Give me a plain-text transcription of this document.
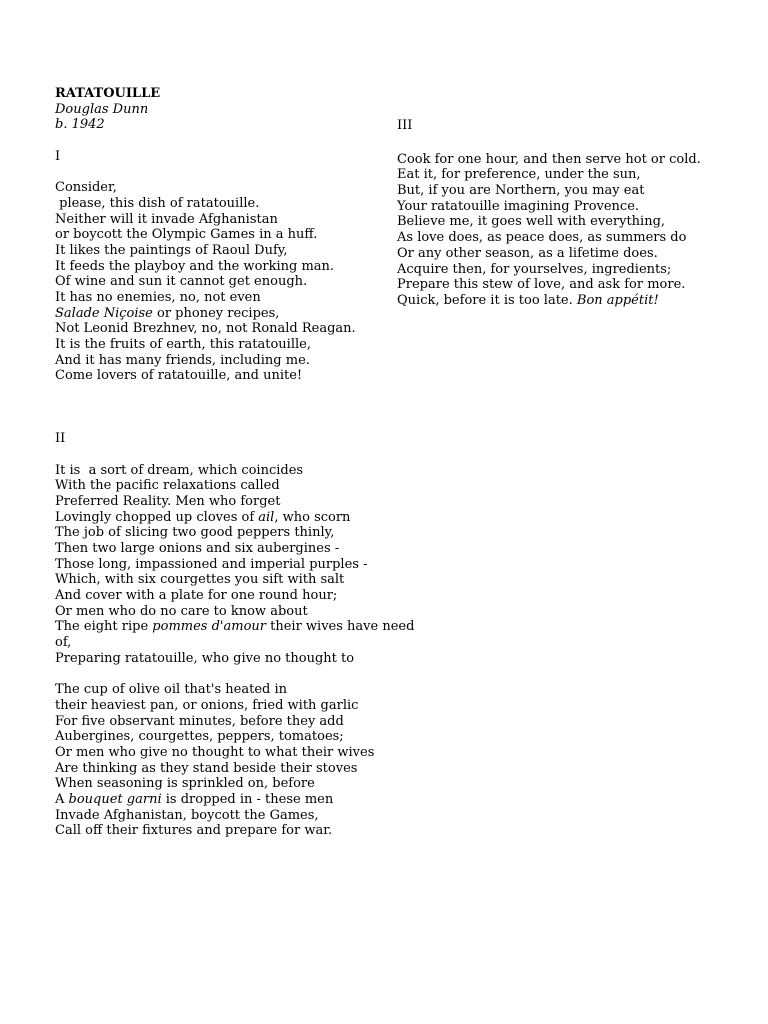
RATATOUILLE
Douglas Dunn
b. 1942
I
Consider,
please, this dish of ratatouille.
Neither will it invade Afghanistan
or boycott the Olympic Games in a huff.
It likes the paintings of Raoul Dufy,
It feeds the playboy and the working man.
Of wine and sun it cannot get enough.
It has no enemies, no, not even
Salade Niçoise or phoney recipes,
Not Leonid Brezhnev, no, not Ronald Reagan.
It is the fruits of earth, this ratatouille,
And it has many friends, including me.
Come lovers of ratatouille, and unite!
II
It is  a sort of dream, which coincides
With the pacific relaxations called
Preferred Reality. Men who forget
Lovingly chopped up cloves of ail, who scorn
The job of slicing two good peppers thinly,
Then two large onions and six aubergines -
Those long, impassioned and imperial purples -
Which, with six courgettes you sift with salt
And cover with a plate for one round hour;
Or men who do no care to know about
The eight ripe pommes d'amour their wives have need
of,
Preparing ratatouille, who give no thought to
The cup of olive oil that's heated in
their heaviest pan, or onions, fried with garlic
For five observant minutes, before they add
Aubergines, courgettes, peppers, tomatoes;
Or men who give no thought to what their wives
Are thinking as they stand beside their stoves
When seasoning is sprinkled on, before
A bouquet garni is dropped in - these men
Invade Afghanistan, boycott the Games,
Call off their fixtures and prepare for war.
III
Cook for one hour, and then serve hot or cold.
Eat it, for preference, under the sun,
But, if you are Northern, you may eat
Your ratatouille imagining Provence.
Believe me, it goes well with everything,
As love does, as peace does, as summers do
Or any other season, as a lifetime does.
Acquire then, for yourselves, ingredients;
Prepare this stew of love, and ask for more.
Quick, before it is too late. Bon appétit!
